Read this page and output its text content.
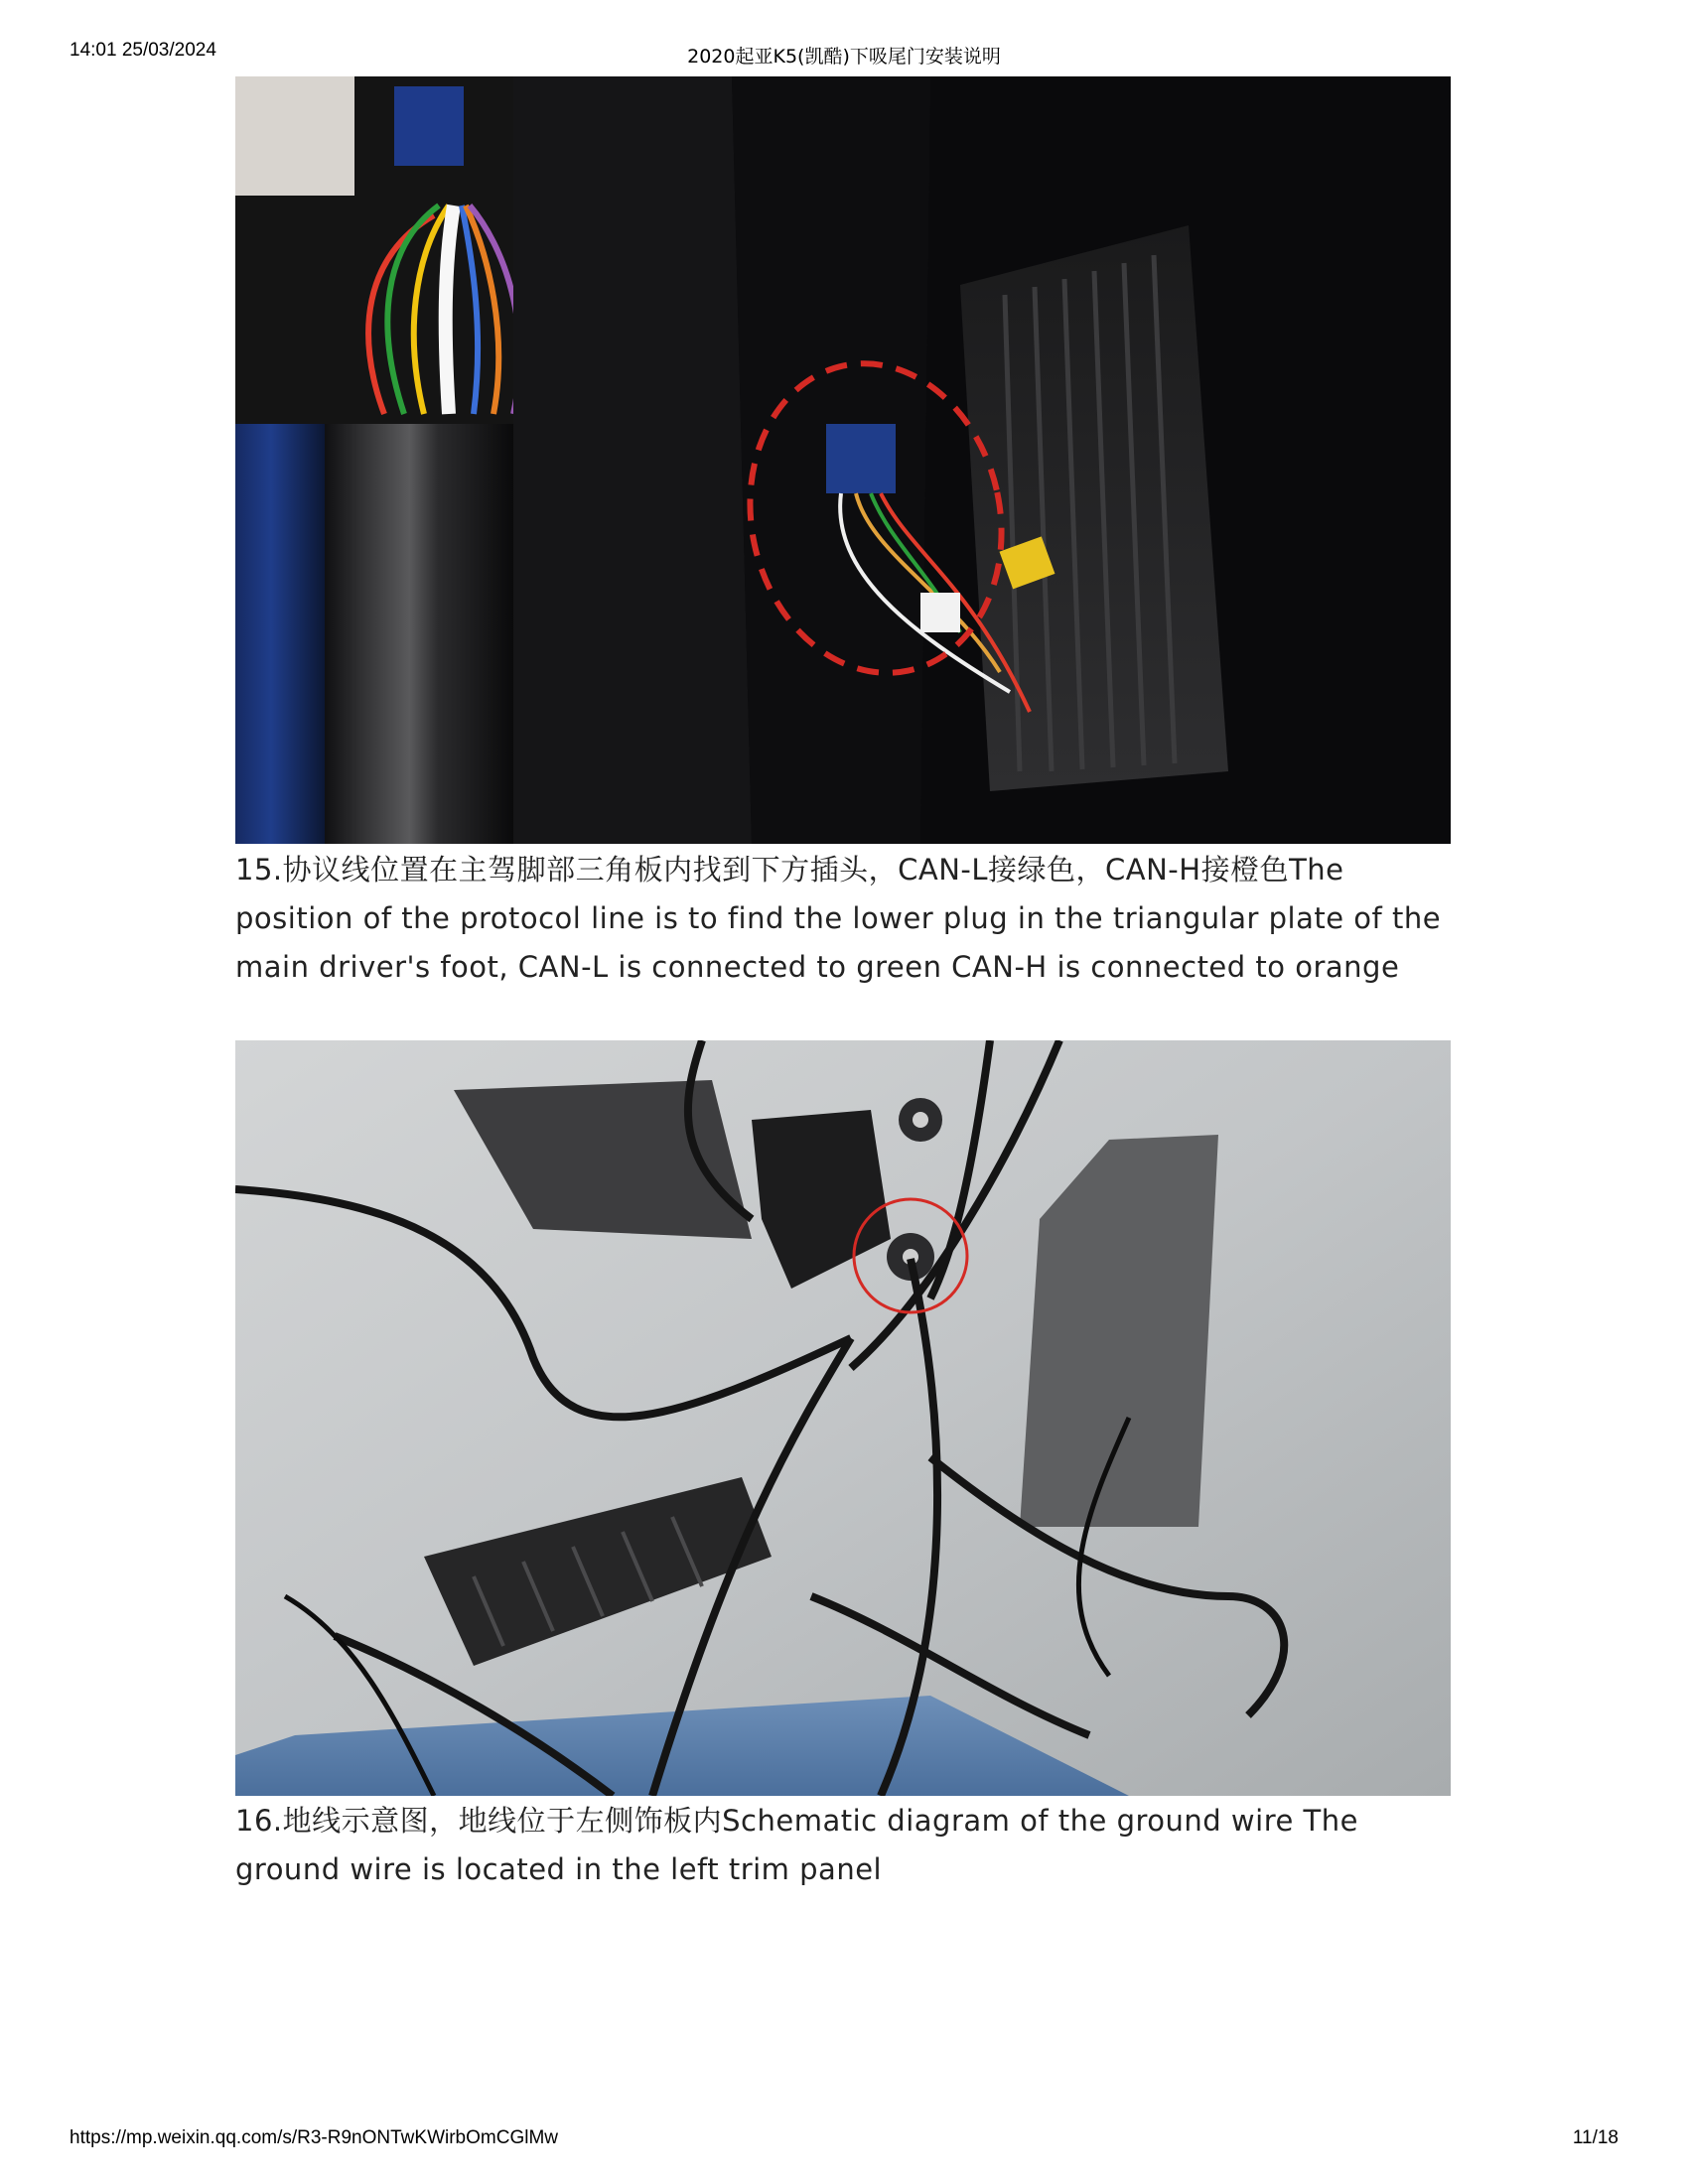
14:01 25/03/2024	2020起亚K5(凯酷)下吸尾门安装说明
15.协议线位置在主驾脚部三角板内找到下方插头，CAN-L接绿色，CAN-H接橙色The position of the protocol line is to find the lower plug in the triangular plate of the main driver's foot, CAN-L is connected to green CAN-H is connected to orange
16.地线示意图，地线位于左侧饰板内Schematic diagram of the ground wire The ground wire is located in the left trim panel
https://mp.weixin.qq.com/s/R3-R9nONTwKWirbOmCGlMw	11/18
